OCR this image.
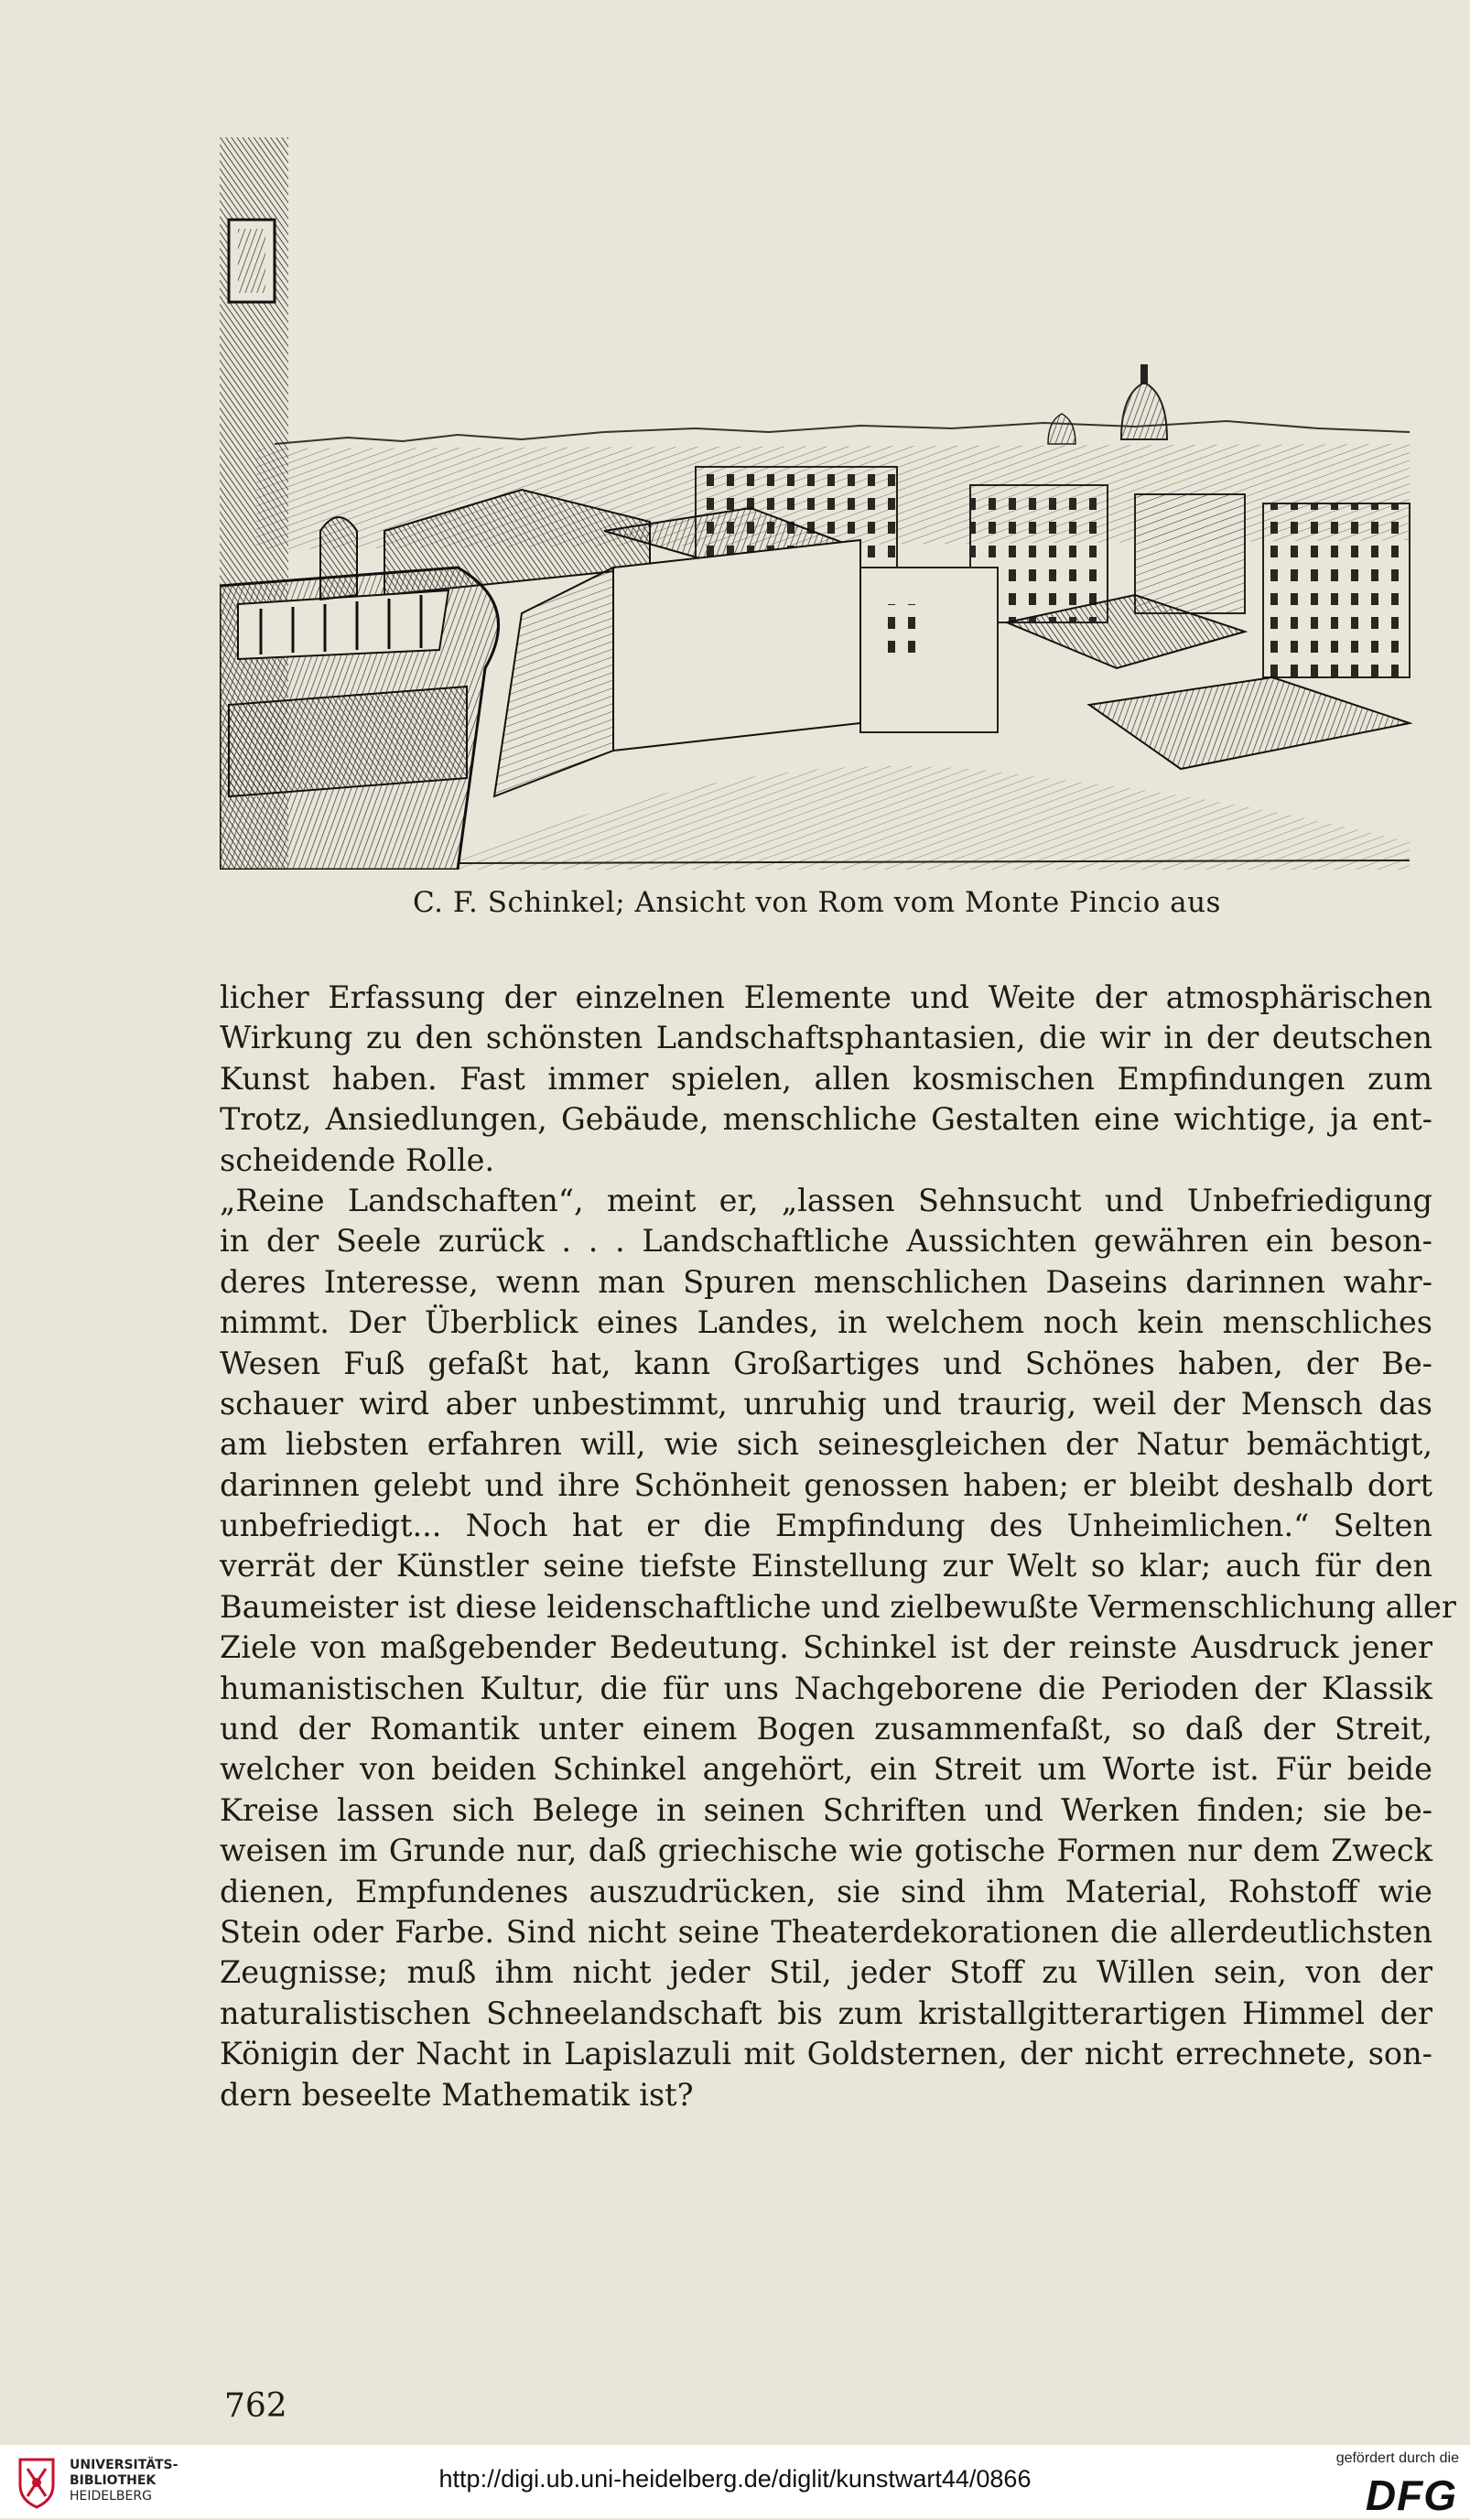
C. F. Schinkel; Ansicht von Rom vom Monte Pincio aus
licher Erfassung der einzelnen Elemente und Weite der atmosphärischen
Wirkung zu den schönsten Landschaftsphantasien, die wir in der deutschen
Kunst haben. Fast immer spielen, allen kosmischen Empfindungen zum
Trotz, Ansiedlungen, Gebäude, menschliche Gestalten eine wichtige, ja ent-
scheidende Rolle.
„Reine Landschaften“, meint er, „lassen Sehnsucht und Unbefriedigung
in der Seele zurück . . . Landschaftliche Aussichten gewähren ein beson-
deres Interesse, wenn man Spuren menschlichen Daseins darinnen wahr-
nimmt. Der Überblick eines Landes, in welchem noch kein menschliches
Wesen Fuß gefaßt hat, kann Großartiges und Schönes haben, der Be-
schauer wird aber unbestimmt, unruhig und traurig, weil der Mensch das
am liebsten erfahren will, wie sich seinesgleichen der Natur bemächtigt,
darinnen gelebt und ihre Schönheit genossen haben; er bleibt deshalb dort
unbefriedigt... Noch hat er die Empfindung des Unheimlichen.“ Selten
verrät der Künstler seine tiefste Einstellung zur Welt so klar; auch für den
Baumeister ist diese leidenschaftliche und zielbewußte Vermenschlichung aller
Ziele von maßgebender Bedeutung. Schinkel ist der reinste Ausdruck jener
humanistischen Kultur, die für uns Nachgeborene die Perioden der Klassik
und der Romantik unter einem Bogen zusammenfaßt, so daß der Streit,
welcher von beiden Schinkel angehört, ein Streit um Worte ist. Für beide
Kreise lassen sich Belege in seinen Schriften und Werken finden; sie be-
weisen im Grunde nur, daß griechische wie gotische Formen nur dem Zweck
dienen, Empfundenes auszudrücken, sie sind ihm Material, Rohstoff wie
Stein oder Farbe. Sind nicht seine Theaterdekorationen die allerdeutlichsten
Zeugnisse; muß ihm nicht jeder Stil, jeder Stoff zu Willen sein, von der
naturalistischen Schneelandschaft bis zum kristallgitterartigen Himmel der
Königin der Nacht in Lapislazuli mit Goldsternen, der nicht errechnete, son-
dern beseelte Mathematik ist?
762
UNIVERSITÄTS-
BIBLIOTHEK
HEIDELBERG
http://digi.ub.uni-heidelberg.de/diglit/kunstwart44/0866
gefördert durch die
DFG
